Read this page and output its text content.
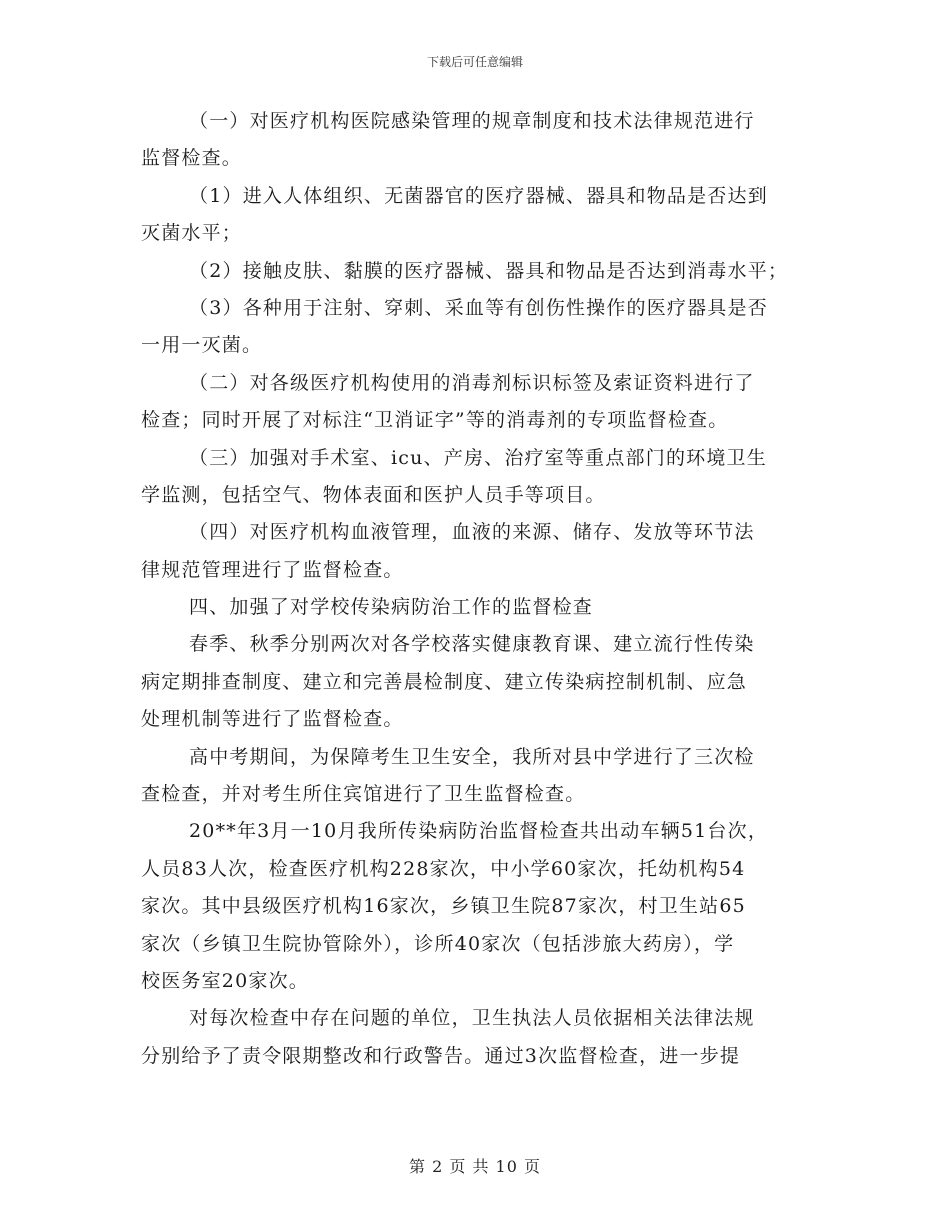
下载后可任意编辑
（一）对医疗机构医院感染管理的规章制度和技术法律规范进行
监督检查。
（1）进入人体组织、无菌器官的医疗器械、器具和物品是否达到
灭菌水平；
（2）接触皮肤、黏膜的医疗器械、器具和物品是否达到消毒水平；
（3）各种用于注射、穿刺、采血等有创伤性操作的医疗器具是否
一用一灭菌。
（二）对各级医疗机构使用的消毒剂标识标签及索证资料进行了
检查；同时开展了对标注“卫消证字”等的消毒剂的专项监督检查。
（三）加强对手术室、icu、产房、治疗室等重点部门的环境卫生
学监测，包括空气、物体表面和医护人员手等项目。
（四）对医疗机构血液管理，血液的来源、储存、发放等环节法
律规范管理进行了监督检查。
四、加强了对学校传染病防治工作的监督检查
春季、秋季分别两次对各学校落实健康教育课、建立流行性传染
病定期排查制度、建立和完善晨检制度、建立传染病控制机制、应急
处理机制等进行了监督检查。
高中考期间，为保障考生卫生安全，我所对县中学进行了三次检
查检查，并对考生所住宾馆进行了卫生监督检查。
20**年3月一10月我所传染病防治监督检查共出动车辆51台次，
人员83人次，检查医疗机构228家次，中小学60家次，托幼机构54
家次。其中县级医疗机构16家次，乡镇卫生院87家次，村卫生站65
家次（乡镇卫生院协管除外），诊所40家次（包括涉旅大药房），学
校医务室20家次。
对每次检查中存在问题的单位，卫生执法人员依据相关法律法规
分别给予了责令限期整改和行政警告。通过3次监督检查，进一步提
第 2 页 共 10 页
